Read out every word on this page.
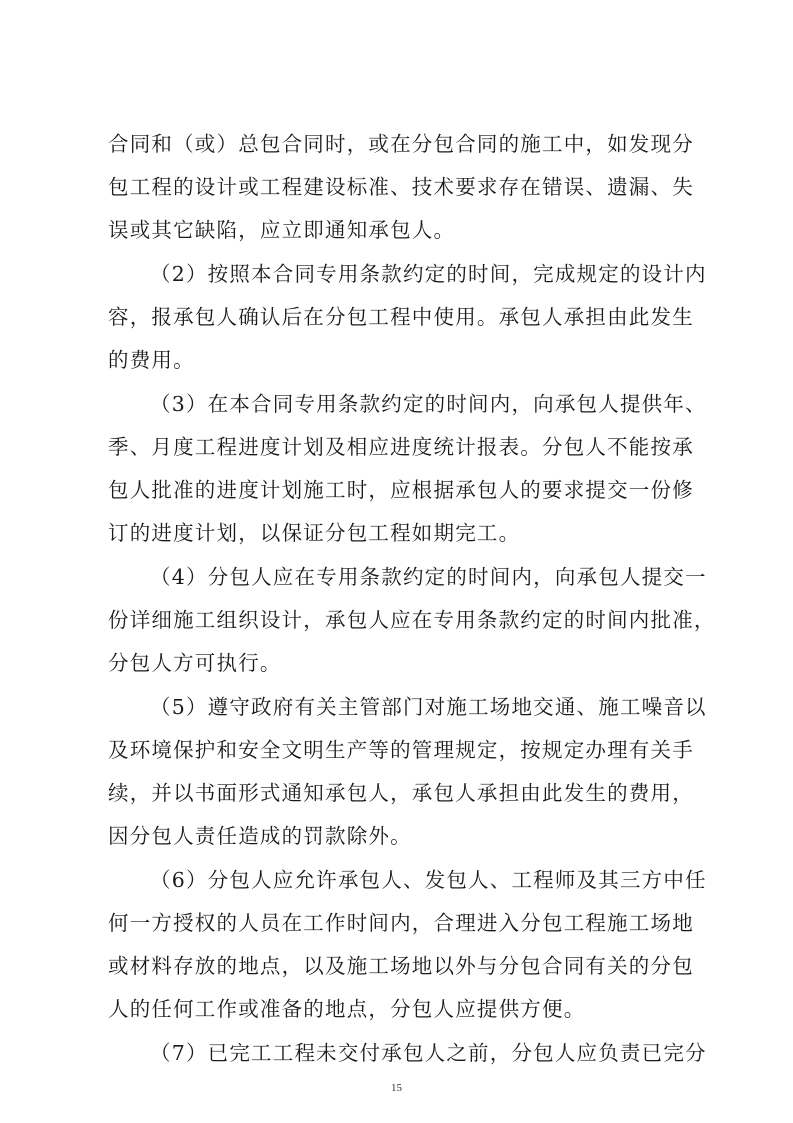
合同和（或）总包合同时，或在分包合同的施工中，如发现分
包工程的设计或工程建设标准、技术要求存在错误、遗漏、失
误或其它缺陷，应立即通知承包人。
（2）按照本合同专用条款约定的时间，完成规定的设计内
容，报承包人确认后在分包工程中使用。承包人承担由此发生
的费用。
（3）在本合同专用条款约定的时间内，向承包人提供年、
季、月度工程进度计划及相应进度统计报表。分包人不能按承
包人批准的进度计划施工时，应根据承包人的要求提交一份修
订的进度计划，以保证分包工程如期完工。
（4）分包人应在专用条款约定的时间内，向承包人提交一
份详细施工组织设计，承包人应在专用条款约定的时间内批准，
分包人方可执行。
（5）遵守政府有关主管部门对施工场地交通、施工噪音以
及环境保护和安全文明生产等的管理规定，按规定办理有关手
续，并以书面形式通知承包人，承包人承担由此发生的费用，
因分包人责任造成的罚款除外。
（6）分包人应允许承包人、发包人、工程师及其三方中任
何一方授权的人员在工作时间内，合理进入分包工程施工场地
或材料存放的地点，以及施工场地以外与分包合同有关的分包
人的任何工作或准备的地点，分包人应提供方便。
（7）已完工工程未交付承包人之前，分包人应负责已完分
15
